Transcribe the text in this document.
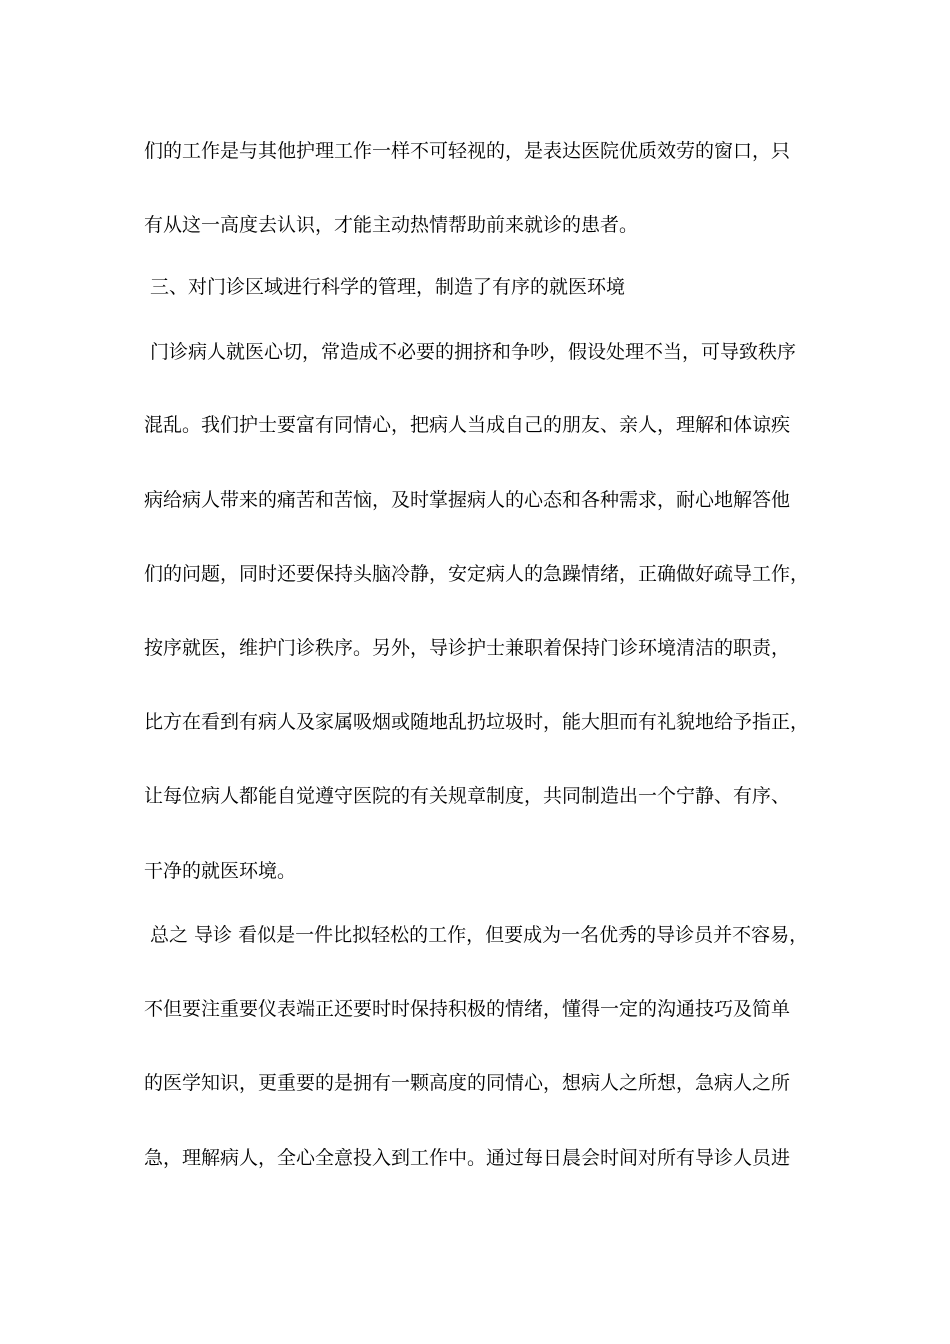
们的工作是与其他护理工作一样不可轻视的，是表达医院优质效劳的窗口，只
有从这一高度去认识，才能主动热情帮助前来就诊的患者。
三、对门诊区域进行科学的管理，制造了有序的就医环境
门诊病人就医心切，常造成不必要的拥挤和争吵，假设处理不当，可导致秩序
混乱。我们护士要富有同情心，把病人当成自己的朋友、亲人，理解和体谅疾
病给病人带来的痛苦和苦恼，及时掌握病人的心态和各种需求，耐心地解答他
们的问题，同时还要保持头脑冷静，安定病人的急躁情绪，正确做好疏导工作，
按序就医，维护门诊秩序。另外，导诊护士兼职着保持门诊环境清洁的职责，
比方在看到有病人及家属吸烟或随地乱扔垃圾时，能大胆而有礼貌地给予指正，
让每位病人都能自觉遵守医院的有关规章制度，共同制造出一个宁静、有序、
干净的就医环境。
总之 导诊 看似是一件比拟轻松的工作，但要成为一名优秀的导诊员并不容易，
不但要注重要仪表端正还要时时保持积极的情绪，懂得一定的沟通技巧及简单
的医学知识，更重要的是拥有一颗高度的同情心，想病人之所想，急病人之所
急，理解病人，全心全意投入到工作中。通过每日晨会时间对所有导诊人员进
